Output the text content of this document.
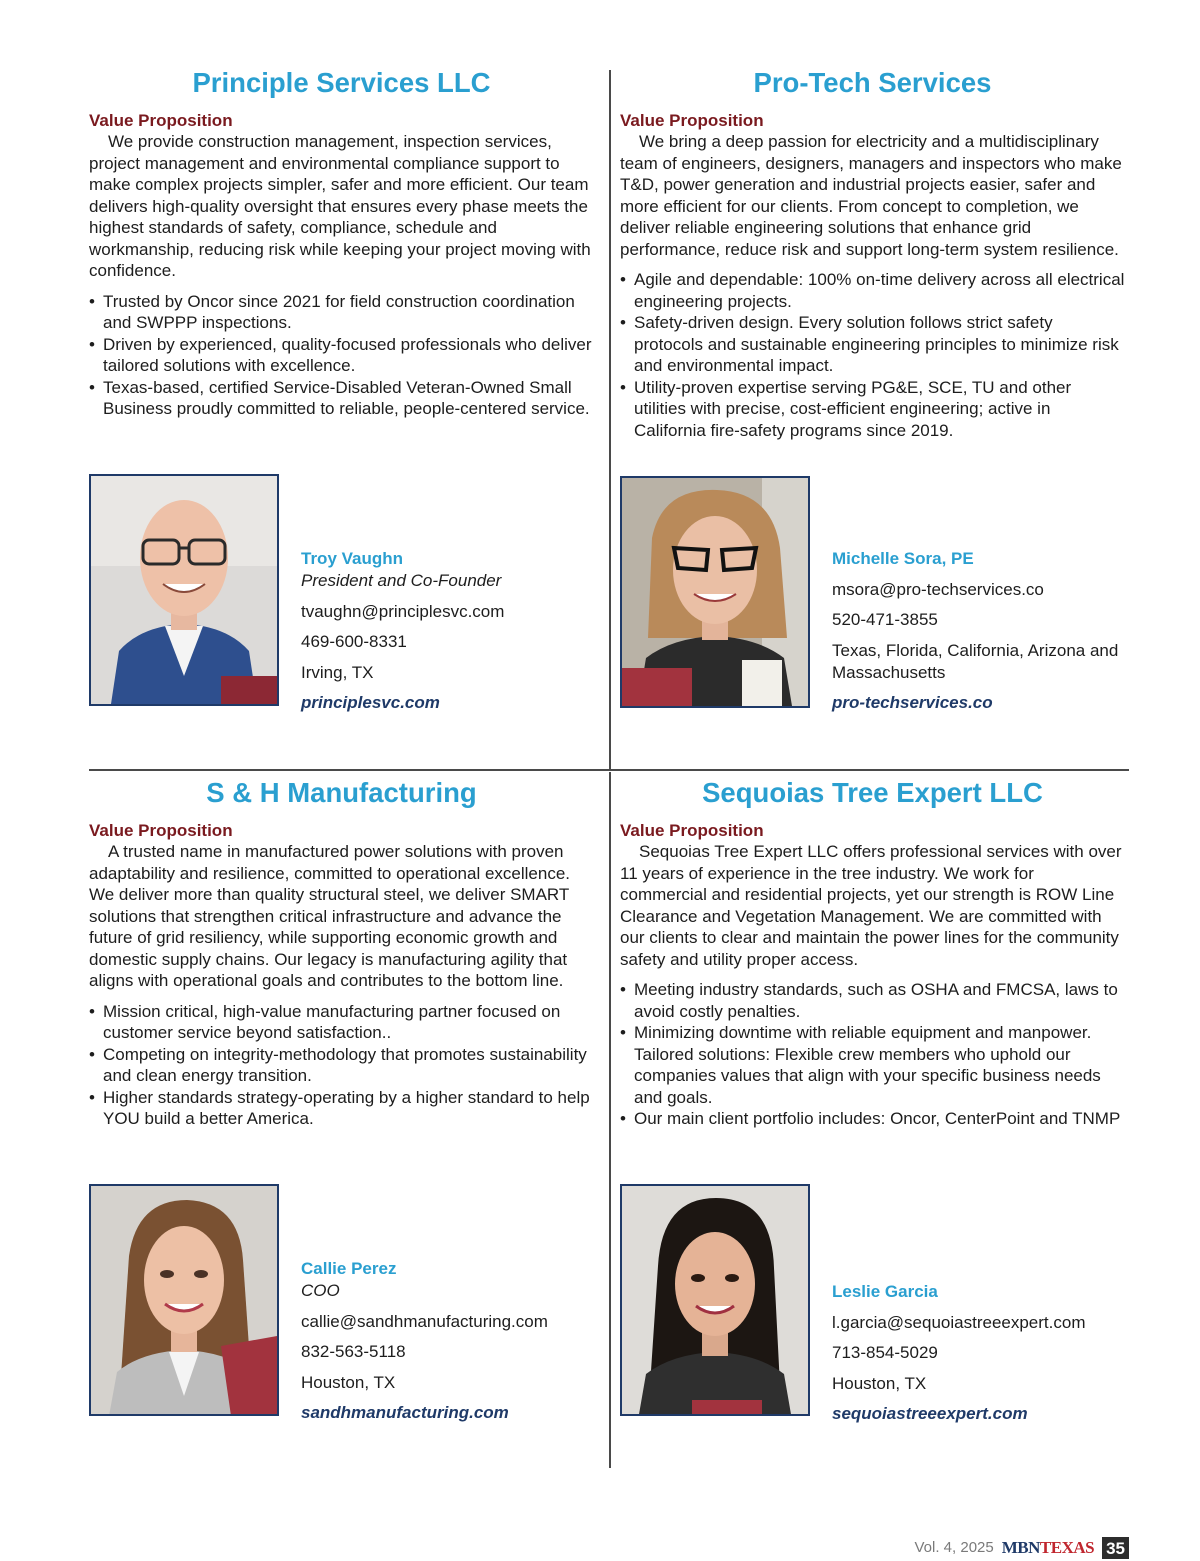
Principle Services LLC
Value Proposition

We provide construction management, inspection services, project management and environmental compliance support to make complex projects simpler, safer and more efficient. Our team delivers high-quality oversight that ensures every phase meets the highest standards of safety, compliance, schedule and workmanship, reducing risk while keeping your project moving with confidence.

• Trusted by Oncor since 2021 for field construction coordination and SWPPP inspections.
• Driven by experienced, quality-focused professionals who deliver tailored solutions with excellence.
• Texas-based, certified Service-Disabled Veteran-Owned Small Business proudly committed to reliable, people-centered service.
Troy Vaughn
President and Co-Founder
tvaughn@principlesvc.com
469-600-8331
Irving, TX
principlesvc.com
Pro-Tech Services
Value Proposition

We bring a deep passion for electricity and a multidisciplinary team of engineers, designers, managers and inspectors who make T&D, power generation and industrial projects easier, safer and more efficient for our clients. From concept to completion, we deliver reliable engineering solutions that enhance grid performance, reduce risk and support long-term system resilience.

• Agile and dependable: 100% on-time delivery across all electrical engineering projects.
• Safety-driven design. Every solution follows strict safety protocols and sustainable engineering principles to minimize risk and environmental impact.
• Utility-proven expertise serving PG&E, SCE, TU and other utilities with precise, cost-efficient engineering; active in California fire-safety programs since 2019.
Michelle Sora, PE
msora@pro-techservices.co
520-471-3855
Texas, Florida, California, Arizona and Massachusetts
pro-techservices.co
S & H Manufacturing
Value Proposition

A trusted name in manufactured power solutions with proven adaptability and resilience, committed to operational excellence. We deliver more than quality structural steel, we deliver SMART solutions that strengthen critical infrastructure and advance the future of grid resiliency, while supporting economic growth and domestic supply chains. Our legacy is manufacturing agility that aligns with operational goals and contributes to the bottom line.

• Mission critical, high-value manufacturing partner focused on customer service beyond satisfaction..
• Competing on integrity-methodology that promotes sustainability and clean energy transition.
• Higher standards strategy-operating by a higher standard to help YOU build a better America.
Callie Perez
COO
callie@sandhmanufacturing.com
832-563-5118
Houston, TX
sandhmanufacturing.com
Sequoias Tree Expert LLC
Value Proposition

Sequoias Tree Expert LLC offers professional services with over 11 years of experience in the tree industry. We work for commercial and residential projects, yet our strength is ROW Line Clearance and Vegetation Management. We are committed with our clients to clear and maintain the power lines for the community safety and utility proper access.

• Meeting industry standards, such as OSHA and FMCSA, laws to avoid costly penalties.
• Minimizing downtime with reliable equipment and manpower. Tailored solutions: Flexible crew members who uphold our companies values that align with your specific business needs and goals.
• Our main client portfolio includes: Oncor, CenterPoint and TNMP
Leslie Garcia
l.garcia@sequoiastreeexpert.com
713-854-5029
Houston, TX
sequoiastreeexpert.com
Vol. 4, 2025 MBNTEXAS 35
